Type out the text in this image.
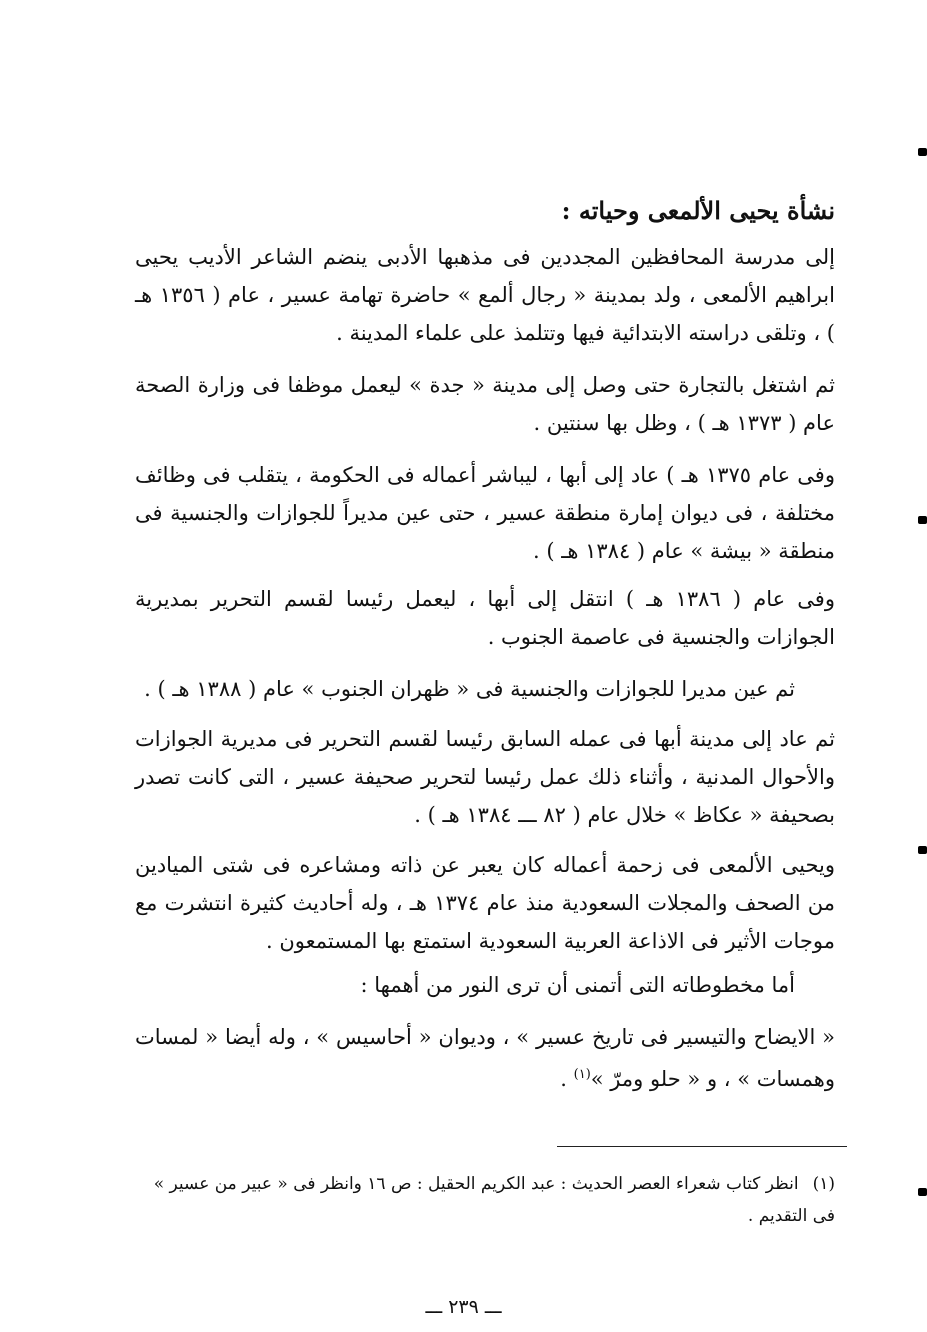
نشأة يحيى الألمعى وحياته :

إلى مدرسة المحافظين المجددين فى مذهبها الأدبى ينضم الشاعر الأديب يحيى ابراهيم الألمعى ، ولد بمدينة « رجال ألمع » حاضرة تهامة عسير ، عام ( ١٣٥٦ هـ ) ، وتلقى دراسته الابتدائية فيها وتتلمذ على علماء المدينة .

ثم اشتغل بالتجارة حتى وصل إلى مدينة « جدة » ليعمل موظفا فى وزارة الصحة عام ( ١٣٧٣ هـ ) ، وظل بها سنتين .

وفى عام ١٣٧٥ هـ ) عاد إلى أبها ، ليباشر أعماله فى الحكومة ، يتقلب فى وظائف مختلفة ، فى ديوان إمارة منطقة عسير ، حتى عين مديراً للجوازات والجنسية فى منطقة « بيشة » عام ( ١٣٨٤ هـ ) .

وفى عام ( ١٣٨٦ هـ ) انتقل إلى أبها ، ليعمل رئيسا لقسم التحرير بمديرية الجوازات والجنسية فى عاصمة الجنوب .

ثم عين مديرا للجوازات والجنسية فى « ظهران الجنوب » عام ( ١٣٨٨ هـ ) .

ثم عاد إلى مدينة أبها فى عمله السابق رئيسا لقسم التحرير فى مديرية الجوازات والأحوال المدنية ، وأثناء ذلك عمل رئيسا لتحرير صحيفة عسير ، التى كانت تصدر بصحيفة « عكاظ » خلال عام ( ٨٢ ـــ ١٣٨٤ هـ ) .

ويحيى الألمعى فى زحمة أعماله كان يعبر عن ذاته ومشاعره فى شتى الميادين من الصحف والمجلات السعودية منذ عام ١٣٧٤ هـ ، وله أحاديث كثيرة انتشرت مع موجات الأثير فى الاذاعة العربية السعودية استمتع بها المستمعون .

أما مخطوطاته التى أتمنى أن ترى النور من أهمها :

« الايضاح والتيسير فى تاريخ عسير » ، وديوان « أحاسيس » ، وله أيضا « لمسات وهمسات » ، و « حلو ومرّ »$^{(١)}$ .

(١)انظر كتاب شعراء العصر الحديث : عبد الكريم الحقيل : ص ١٦ وانظر فى « عبير من عسير » فى التقديم .
ـــ ٢٣٩ ـــ
